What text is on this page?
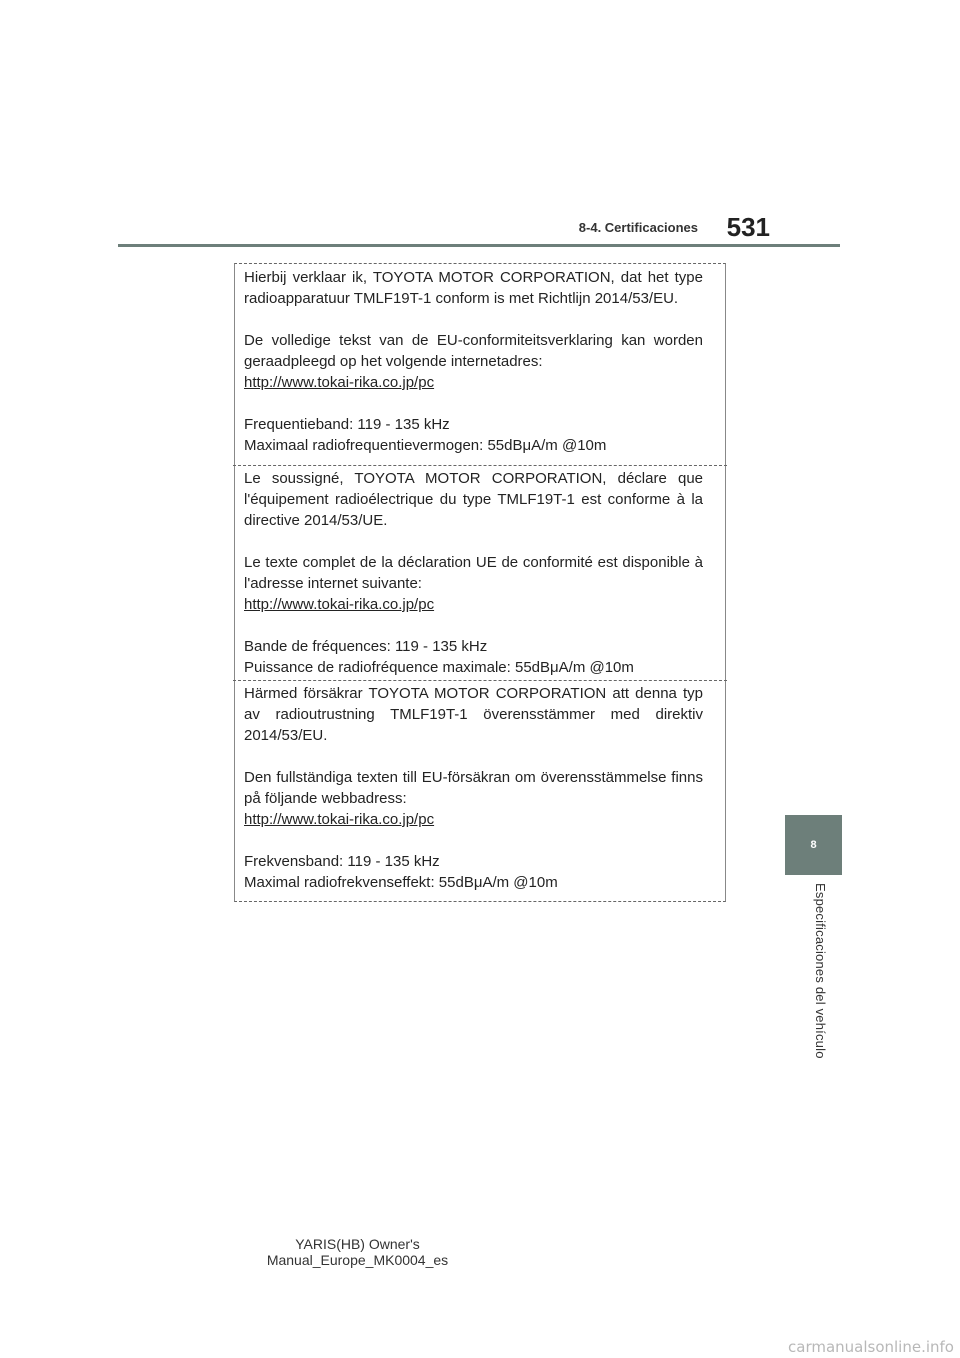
8-4. Certificaciones 531

Hierbij verklaar ik, TOYOTA MOTOR CORPORATION, dat het type radioapparatuur TMLF19T-1 conform is met Richtlijn 2014/53/EU.

De volledige tekst van de EU-conformiteitsverklaring kan worden geraadpleegd op het volgende internetadres:

http://www.tokai-rika.co.jp/pc

Frequentieband: 119 - 135 kHz

Maximaal radiofrequentievermogen: 55dBμA/m @10m

Le soussigné, TOYOTA MOTOR CORPORATION, déclare que l'équipement radioélectrique du type TMLF19T-1 est conforme à la directive 2014/53/UE.

Le texte complet de la déclaration UE de conformité est disponible à l'adresse internet suivante:

http://www.tokai-rika.co.jp/pc

Bande de fréquences: 119 - 135 kHz

Puissance de radiofréquence maximale: 55dBμA/m @10m

Härmed försäkrar TOYOTA MOTOR CORPORATION att denna typ av radioutrustning TMLF19T-1 överensstämmer med direktiv 2014/53/EU.

Den fullständiga texten till EU-försäkran om överensstämmelse finns på följande webbadress:

http://www.tokai-rika.co.jp/pc

Frekvensband: 119 - 135 kHz

Maximal radiofrekvenseffekt: 55dBμA/m @10m

8
Especificaciones del vehículo
YARIS(HB) Owner's Manual_Europe_MK0004_es
carmanualsonline.info
